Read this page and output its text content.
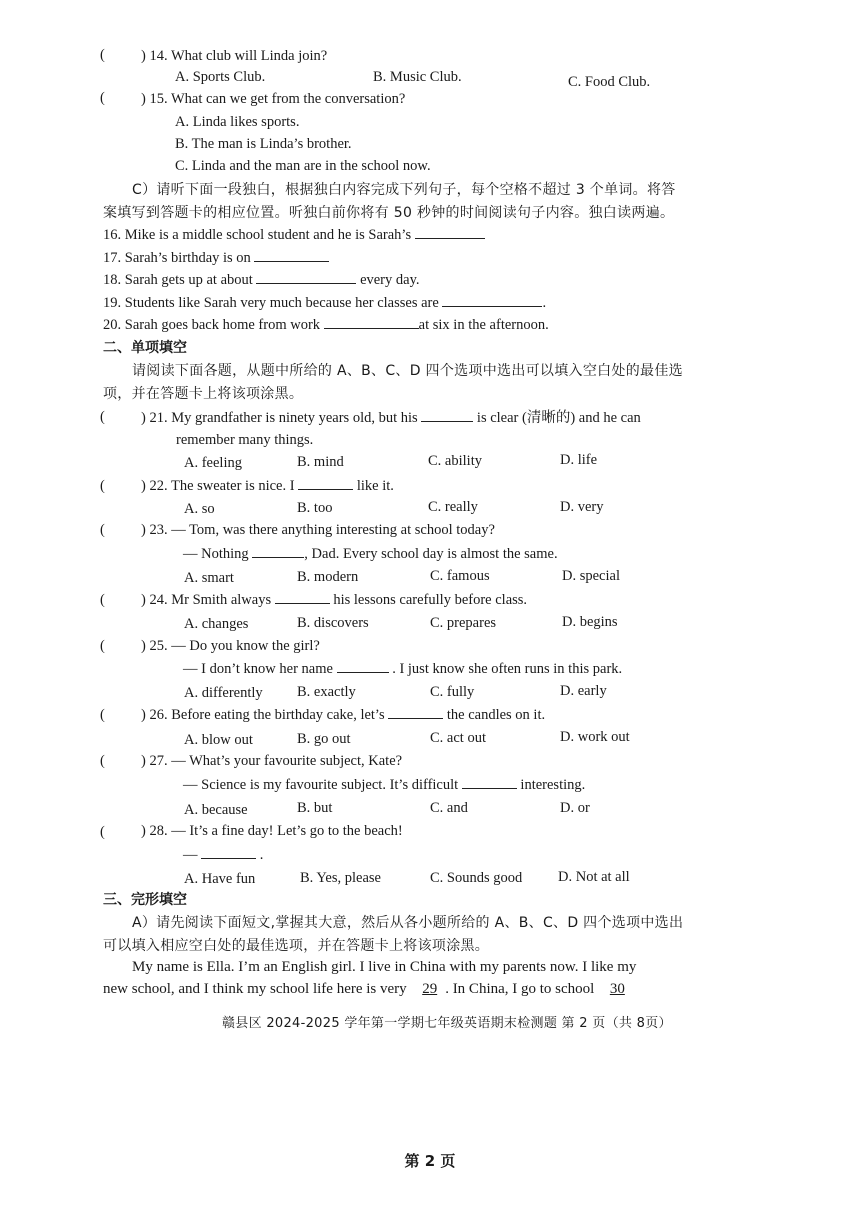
( ) 14. What club will Linda join?
A. Sports Club.	B. Music Club.	C. Food Club.
( ) 15. What can we get from the conversation?
A. Linda likes sports.
B. The man is Linda’s brother.
C. Linda and the man are in the school now.
C）请听下面一段独白，根据独白内容完成下列句子，每个空格不超过 3 个单词。将答
案填写到答题卡的相应位置。听独白前你将有 50 秒钟的时间阅读句子内容。独白读两遍。
16. Mike is a middle school student and he is Sarah’s
17. Sarah’s birthday is on
18. Sarah gets up at about	every day.
19. Students like Sarah very much because her classes are	.
20. Sarah goes back home from work	at six in the afternoon.
二、单项填空
请阅读下面各题，从题中所给的 A、B、C、D 四个选项中选出可以填入空白处的最佳选
项，并在答题卡上将该项涂黑。
( ) 21. My grandfather is ninety years old, but his	is clear (清晰的) and he can
remember many things.
A. feeling	B. mind	C. ability	D. life
( ) 22. The sweater is nice. I	like it.
A. so	B. too	C. really	D. very
( ) 23. — Tom, was there anything interesting at school today?
— Nothing	, Dad. Every school day is almost the same.
A. smart	B. modern	C. famous	D. special
( ) 24. Mr Smith always	his lessons carefully before class.
A. changes	B. discovers	C. prepares	D. begins
( ) 25. — Do you know the girl?
— I don’t know her name	. I just know she often runs in this park.
A. differently B. exactly	C. fully	D. early
( ) 26. Before eating the birthday cake, let’s	the candles on it.
A. blow out	B. go out	C. act out	D. work out
( ) 27. — What’s your favourite subject, Kate?
— Science is my favourite subject. It’s difficult	interesting.
A. because	B. but	C. and	D. or
( ) 28. — It’s a fine day! Let’s go to the beach!
—	.
A. Have fun	B. Yes, please	C. Sounds good D. Not at all
三、完形填空
A）请先阅读下面短文,掌握其大意，然后从各小题所给的 A、B、C、D 四个选项中选出
可以填入相应空白处的最佳选项，并在答题卡上将该项涂黑。
My name is Ella. I’m an English girl. I live in China with my parents now. I like my
new school, and I think my school life here is very 29 . In China, I go to school 30
赣县区 2024-2025 学年第一学期七年级英语期末检测题 第 2 页（共 8页）
第 2 页
